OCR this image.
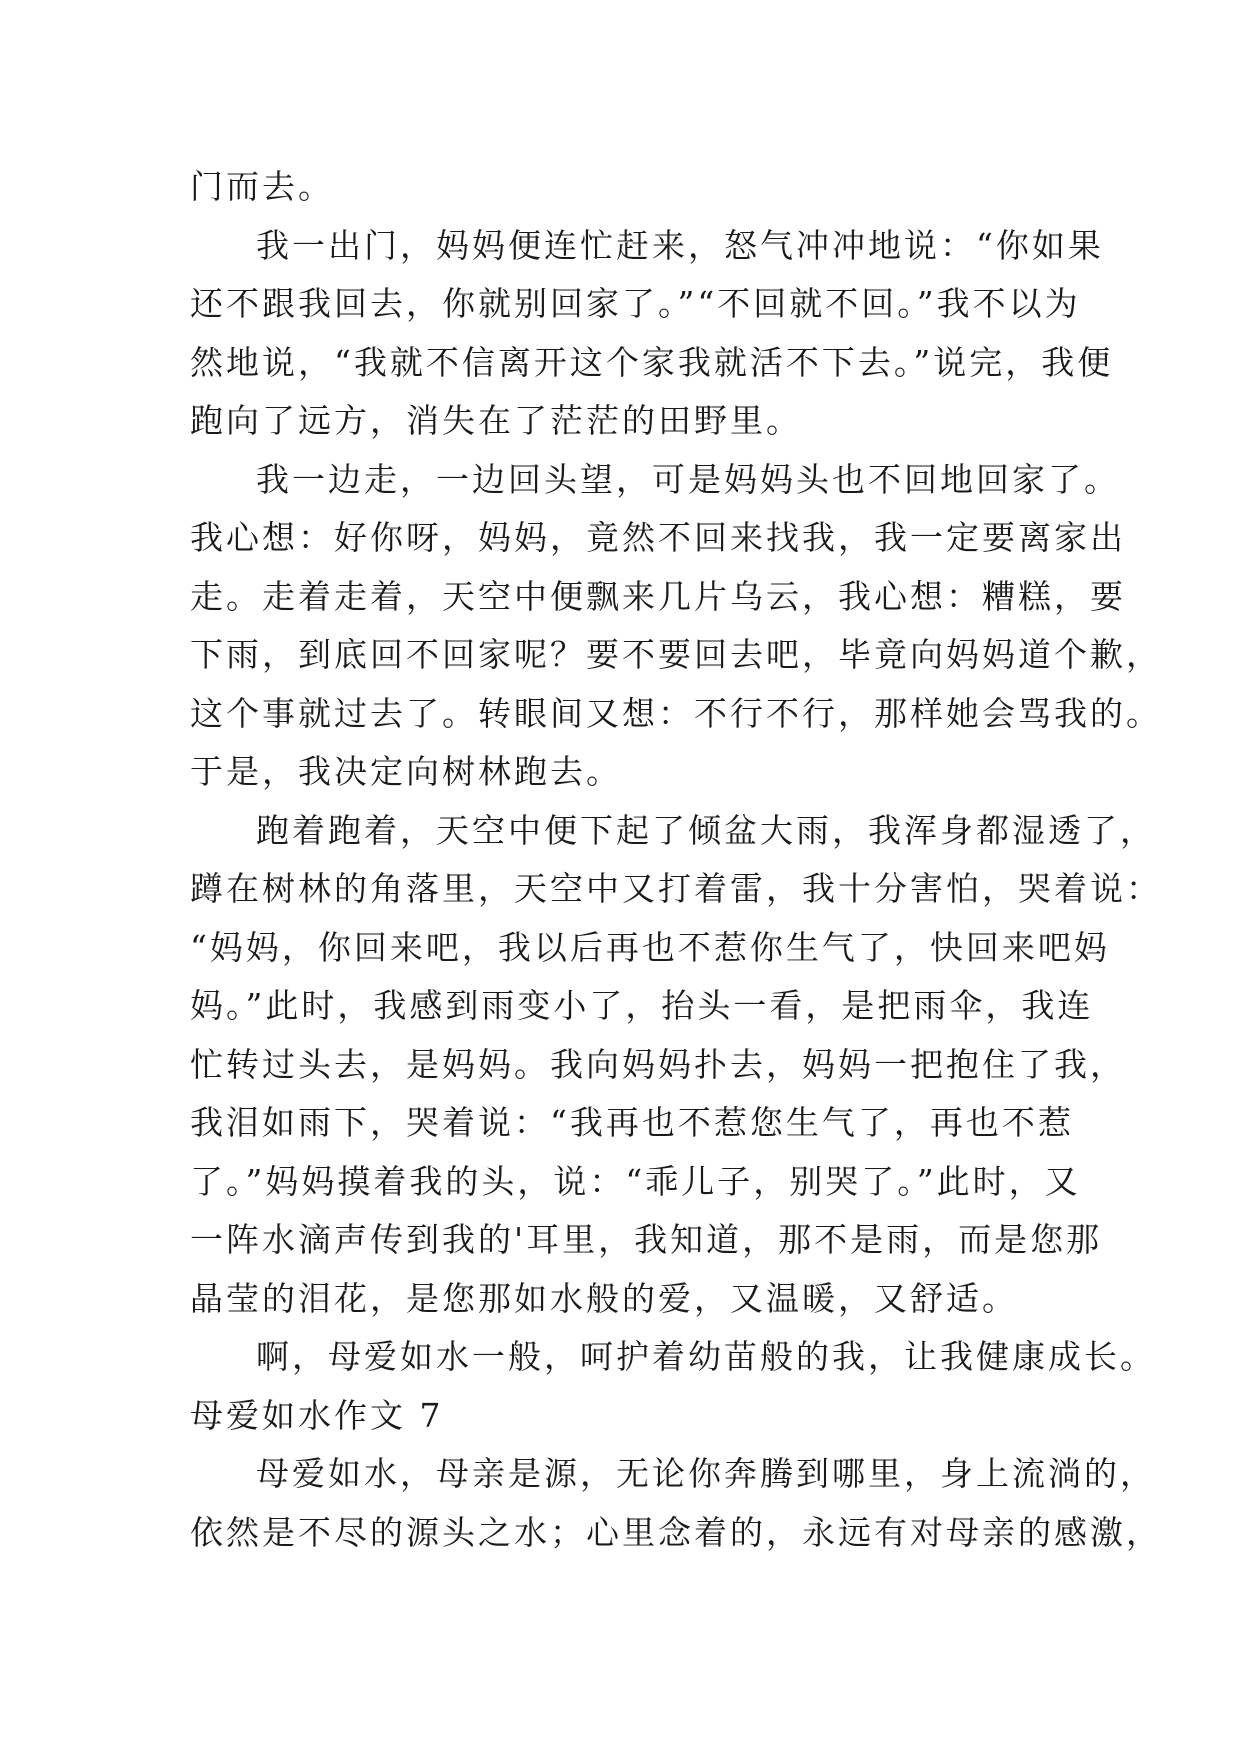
门而去。
我一出门，妈妈便连忙赶来，怒气冲冲地说：“你如果
还不跟我回去，你就别回家了。”“不回就不回。”我不以为
然地说，“我就不信离开这个家我就活不下去。”说完，我便
跑向了远方，消失在了茫茫的田野里。
我一边走，一边回头望，可是妈妈头也不回地回家了。
我心想：好你呀，妈妈，竟然不回来找我，我一定要离家出
走。走着走着，天空中便飘来几片乌云，我心想：糟糕，要
下雨，到底回不回家呢？要不要回去吧，毕竟向妈妈道个歉，
这个事就过去了。转眼间又想：不行不行，那样她会骂我的。
于是，我决定向树林跑去。
跑着跑着，天空中便下起了倾盆大雨，我浑身都湿透了，
蹲在树林的角落里，天空中又打着雷，我十分害怕，哭着说：
“妈妈，你回来吧，我以后再也不惹你生气了，快回来吧妈
妈。”此时，我感到雨变小了，抬头一看，是把雨伞，我连
忙转过头去，是妈妈。我向妈妈扑去，妈妈一把抱住了我，
我泪如雨下，哭着说：“我再也不惹您生气了，再也不惹
了。”妈妈摸着我的头，说：“乖儿子，别哭了。”此时，又
一阵水滴声传到我的'耳里，我知道，那不是雨，而是您那
晶莹的泪花，是您那如水般的爱，又温暖，又舒适。
啊，母爱如水一般，呵护着幼苗般的我，让我健康成长。
母爱如水作文 7
母爱如水，母亲是源，无论你奔腾到哪里，身上流淌的，
依然是不尽的源头之水；心里念着的，永远有对母亲的感激，
